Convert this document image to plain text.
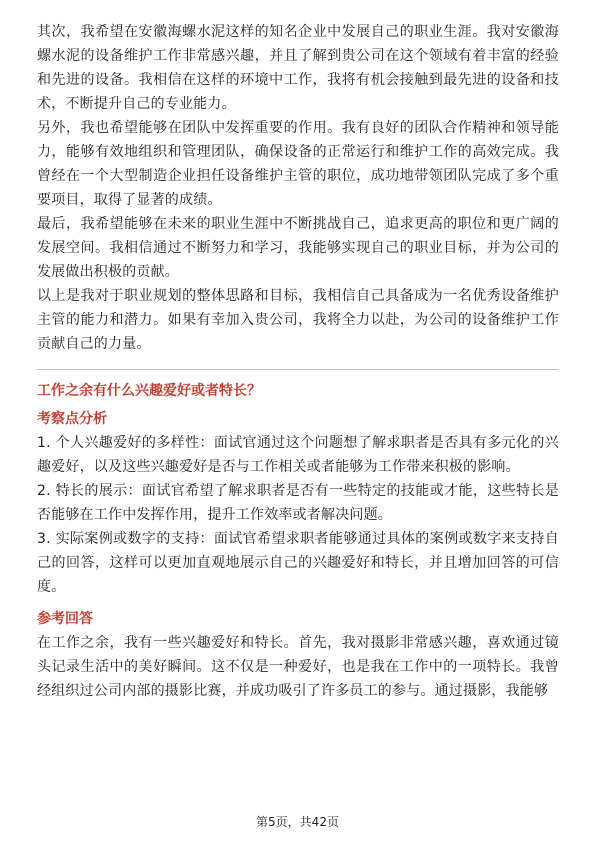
其次，我希望在安徽海螺水泥这样的知名企业中发展自己的职业生涯。我对安徽海螺水泥的设备维护工作非常感兴趣，并且了解到贵公司在这个领域有着丰富的经验和先进的设备。我相信在这样的环境中工作，我将有机会接触到最先进的设备和技术，不断提升自己的专业能力。

另外，我也希望能够在团队中发挥重要的作用。我有良好的团队合作精神和领导能力，能够有效地组织和管理团队，确保设备的正常运行和维护工作的高效完成。我曾经在一个大型制造企业担任设备维护主管的职位，成功地带领团队完成了多个重要项目，取得了显著的成绩。

最后，我希望能够在未来的职业生涯中不断挑战自己，追求更高的职位和更广阔的发展空间。我相信通过不断努力和学习，我能够实现自己的职业目标，并为公司的发展做出积极的贡献。

以上是我对于职业规划的整体思路和目标，我相信自己具备成为一名优秀设备维护主管的能力和潜力。如果有幸加入贵公司，我将全力以赴，为公司的设备维护工作贡献自己的力量。

工作之余有什么兴趣爱好或者特长？
考察点分析

1. 个人兴趣爱好的多样性：面试官通过这个问题想了解求职者是否具有多元化的兴趣爱好，以及这些兴趣爱好是否与工作相关或者能够为工作带来积极的影响。

2. 特长的展示：面试官希望了解求职者是否有一些特定的技能或才能，这些特长是否能够在工作中发挥作用，提升工作效率或者解决问题。

3. 实际案例或数字的支持：面试官希望求职者能够通过具体的案例或数字来支持自己的回答，这样可以更加直观地展示自己的兴趣爱好和特长，并且增加回答的可信度。

参考回答

在工作之余，我有一些兴趣爱好和特长。首先，我对摄影非常感兴趣，喜欢通过镜头记录生活中的美好瞬间。这不仅是一种爱好，也是我在工作中的一项特长。我曾经组织过公司内部的摄影比赛，并成功吸引了许多员工的参与。通过摄影，我能够

第5页，共42页
